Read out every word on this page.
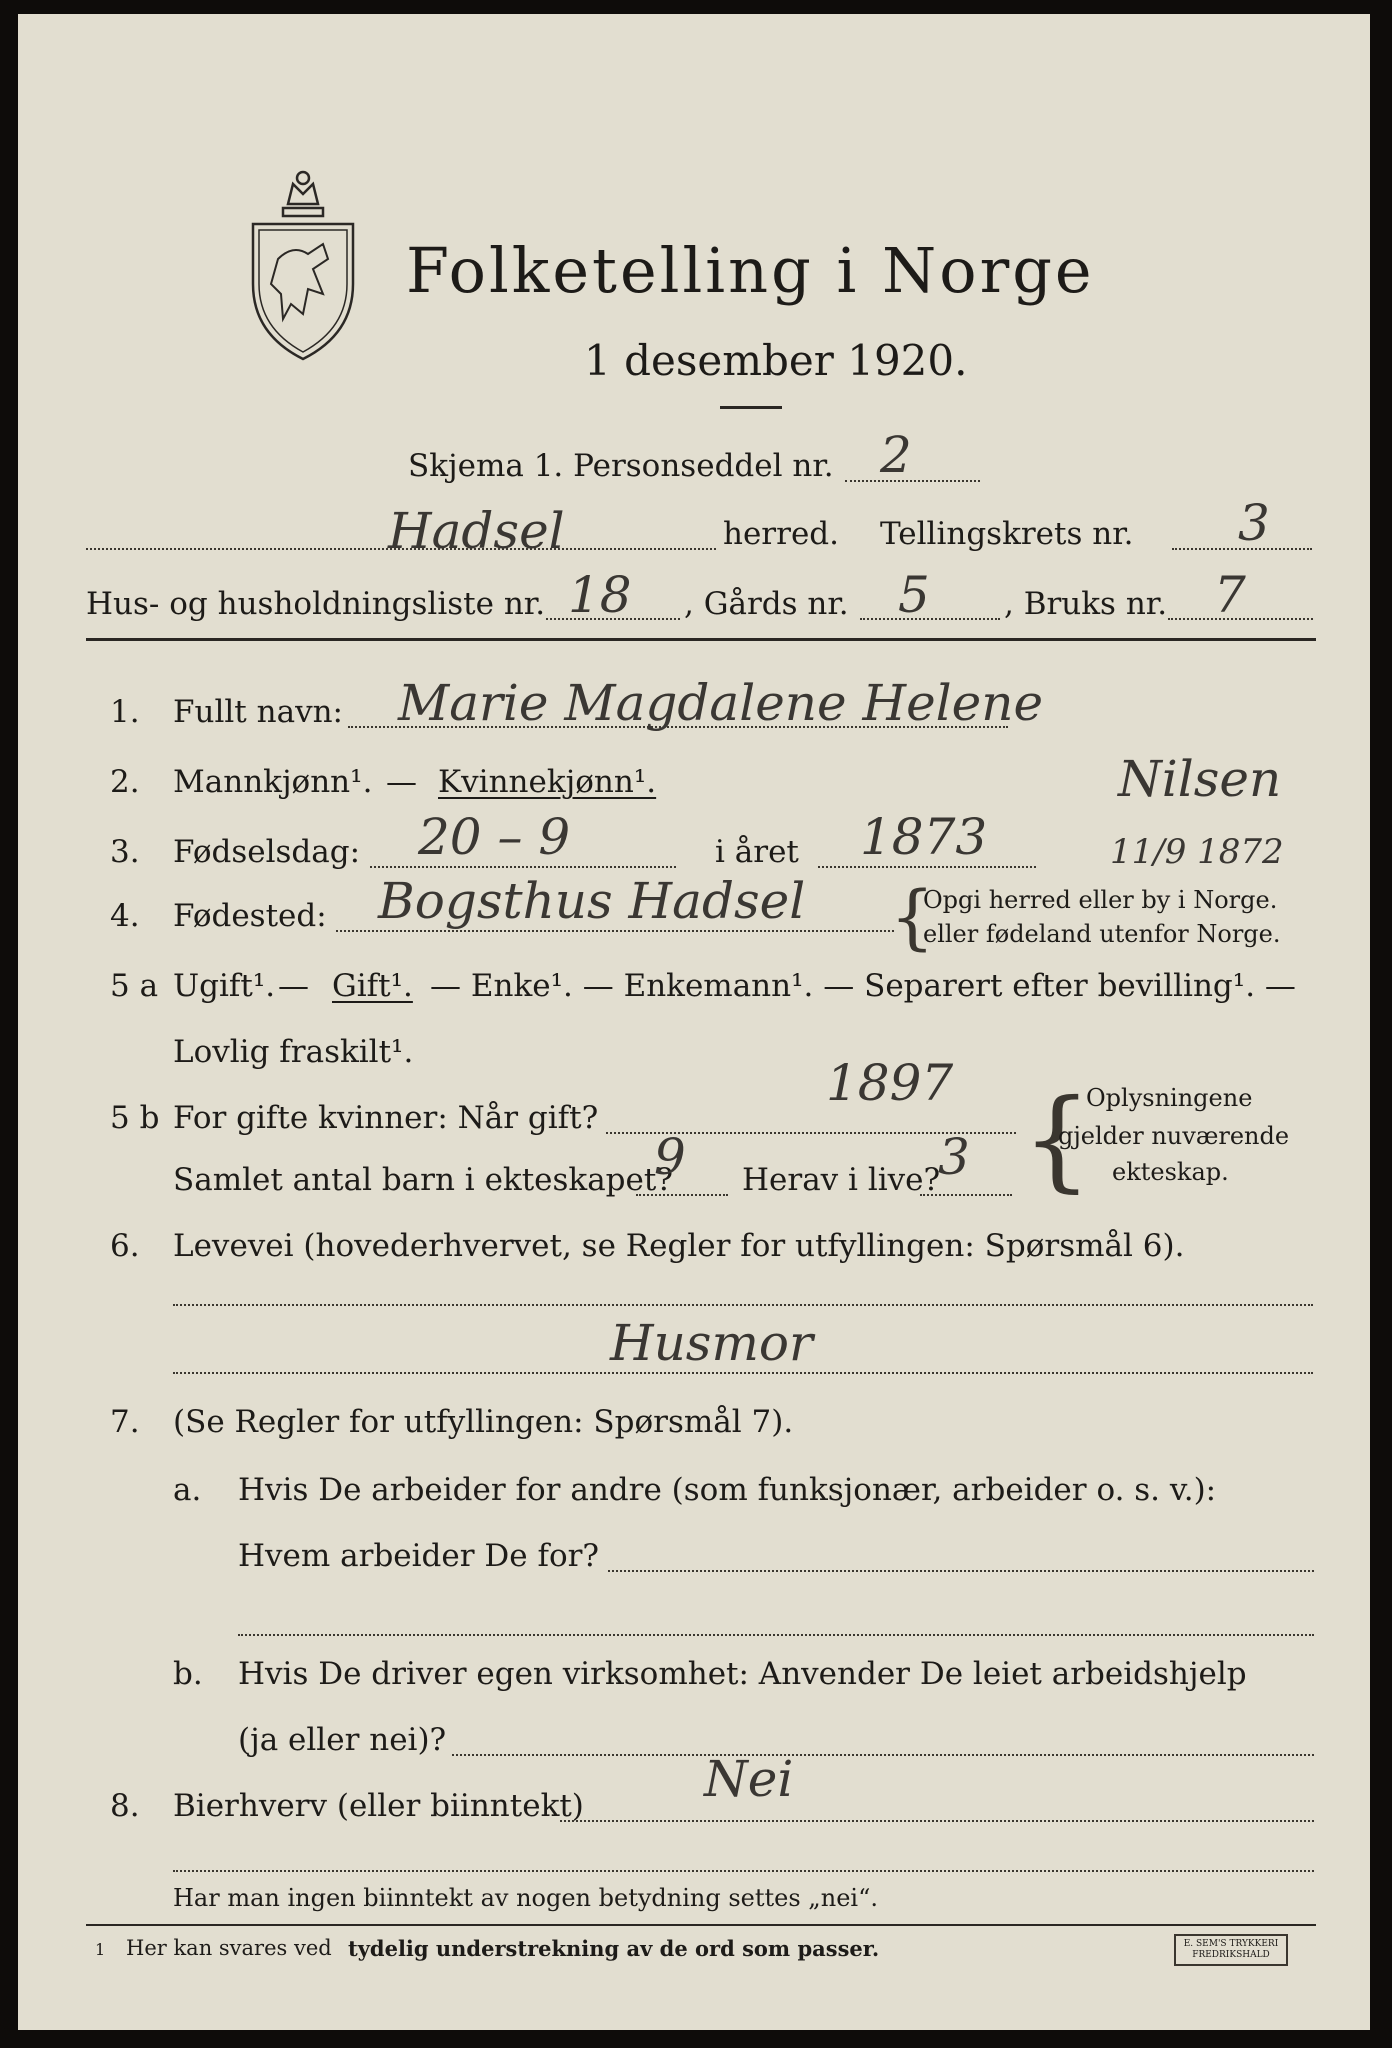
Folketelling i Norge
1 desember 1920.
Skjema 1. Personseddel nr. 2
Hadsel	herred. Tellingskrets nr. 3
Hus- og husholdningsliste nr. 18 , Gårds nr. 5 , Bruks nr. 7
1. Fullt navn: Marie Magdalene Helene
Nilsen
2. Mannkjønn¹. — Kvinnekjønn¹.
3. Fødselsdag: 20 – 9	i året 1873	11/9 1872
4. Fødested: Bogsthus Hadsel {
Opgi herred eller by i Norge.
eller fødeland utenfor Norge.
5 a Ugift¹. — Gift¹. — Enke¹. — Enkemann¹. — Separert efter bevilling¹. —
Lovlig fraskilt¹.
5 b For gifte kvinner: Når gift?
1897
Samlet antal barn i ekteskapet?
9 Herav i live?
3 {
Oplysningene
gjelder nuværende
ekteskap.
6. Levevei (hovederhvervet, se Regler for utfyllingen: Spørsmål 6).
Husmor
7. (Se Regler for utfyllingen: Spørsmål 7).
a. Hvis De arbeider for andre (som funksjonær, arbeider o. s. v.):
Hvem arbeider De for?
b. Hvis De driver egen virksomhet: Anvender De leiet arbeidshjelp
(ja eller nei)?
8. Bierhverv (eller biinntekt) Nei
Har man ingen biinntekt av nogen betydning settes „nei“.
1 Her kan svares ved tydelig understrekning av de ord som passer.	E. SEM'S TRYKKERI
FREDRIKSHALD
